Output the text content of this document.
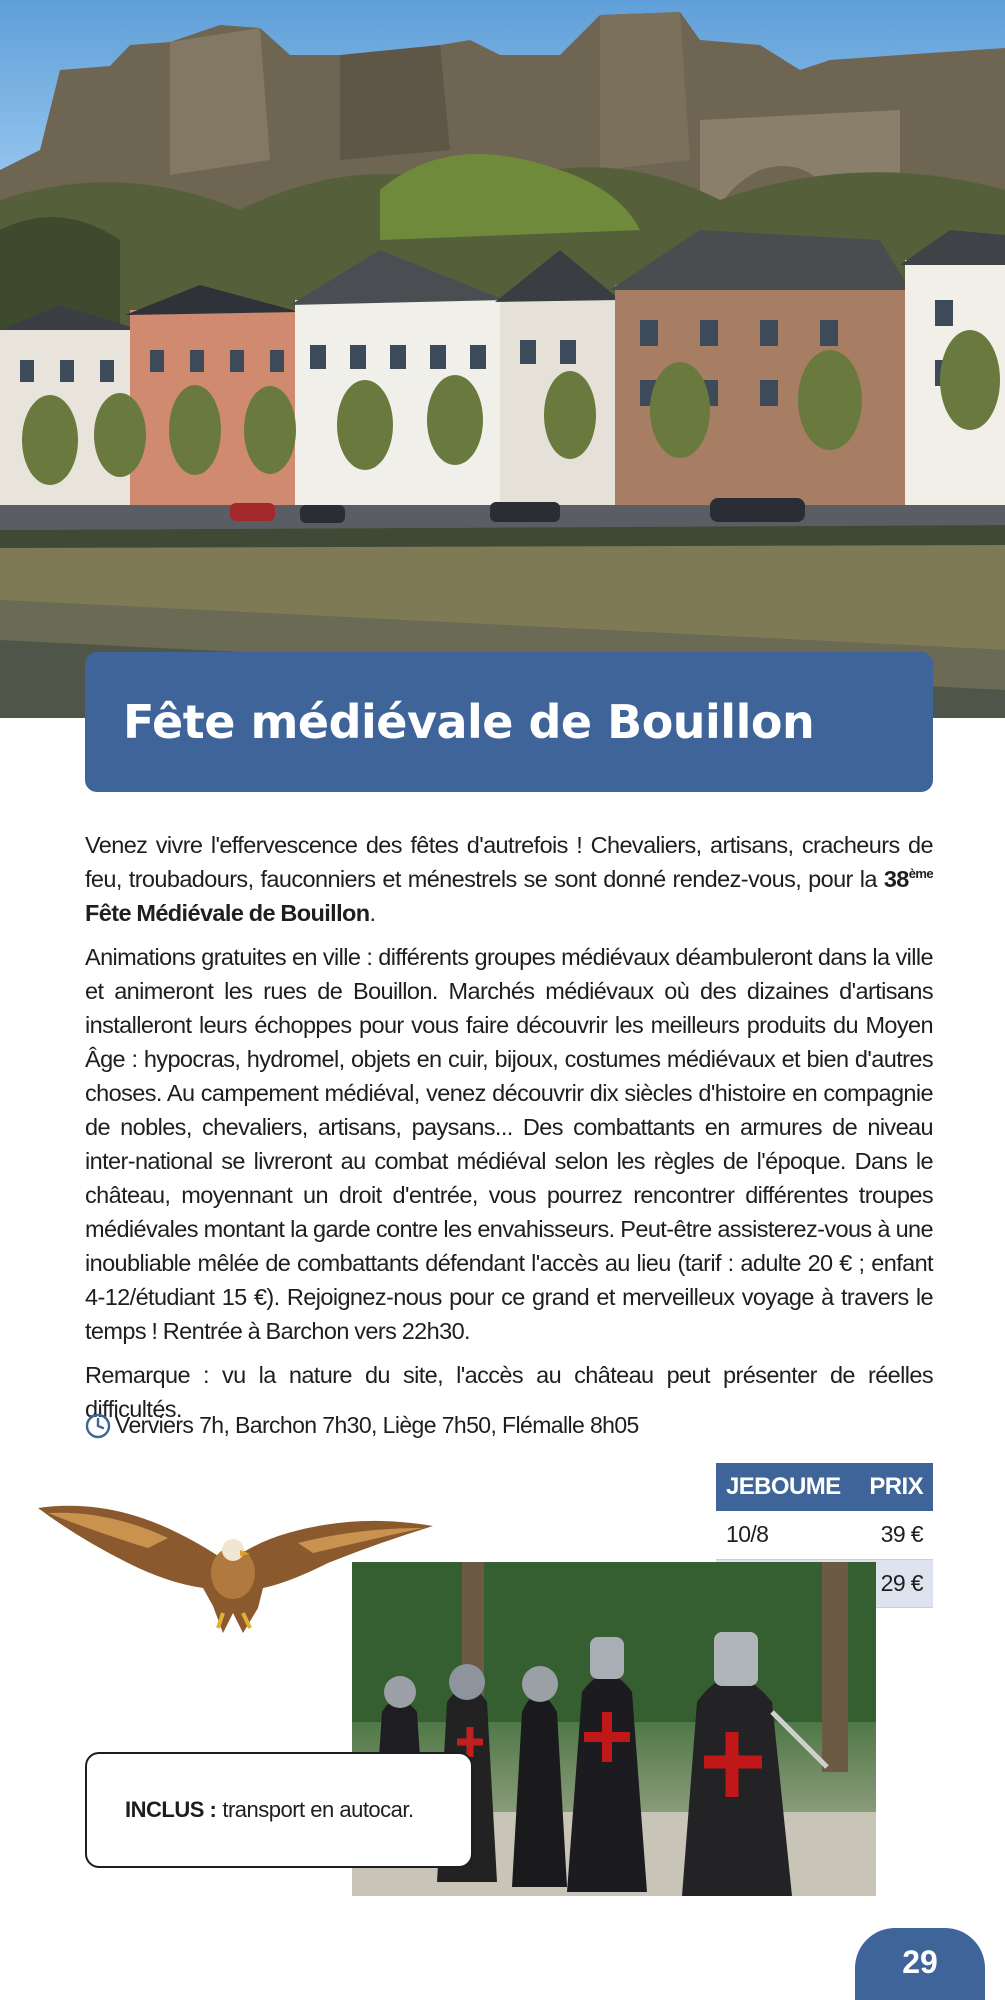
Fête médiévale de Bouillon

Venez vivre l'effervescence des fêtes d'autrefois ! Chevaliers, artisans, cracheurs de feu, troubadours, fauconniers et ménestrels se sont donné rendez-vous, pour la 38ème Fête Médiévale de Bouillon.

Animations gratuites en ville : différents groupes médiévaux déambuleront dans la ville et animeront les rues de Bouillon. Marchés médiévaux où des dizaines d'artisans installeront leurs échoppes pour vous faire découvrir les meilleurs produits du Moyen Âge : hypocras, hydromel, objets en cuir, bijoux, costumes médiévaux et bien d'autres choses. Au campement médiéval, venez découvrir dix siècles d'histoire en compagnie de nobles, chevaliers, artisans, paysans... Des combattants en armures de niveau inter-national se livreront au combat médiéval selon les règles de l'époque. Dans le château, moyennant un droit d'entrée, vous pourrez rencontrer différentes troupes médiévales montant la garde contre les envahisseurs. Peut-être assisterez-vous à une inoubliable mêlée de combattants défendant l'accès au lieu (tarif : adulte 20 € ; enfant 4-12/étudiant 15 €). Rejoignez-nous pour ce grand et merveilleux voyage à travers le temps ! Rentrée à Barchon vers 22h30.

Remarque : vu la nature du site, l'accès au château peut présenter de réelles difficultés.

Verviers 7h, Barchon 7h30, Liège 7h50, Flémalle 8h05
JEBOUME	PRIX
10/8	39 €
	29 €
INCLUS : transport en autocar.
29
